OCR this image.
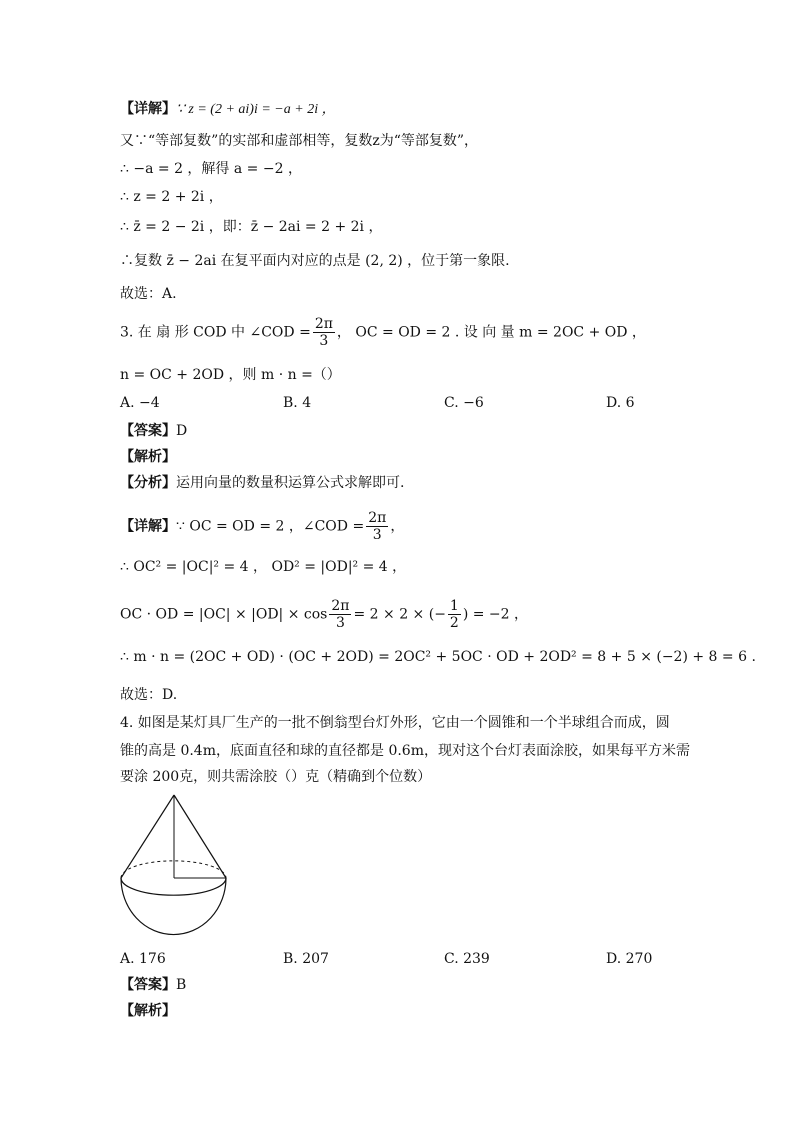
【详解】∵ z = (2 + ai)i = −a + 2i ，
又∵“等部复数”的实部和虚部相等，复数z为“等部复数”，
∴ −a = 2 ，解得 a = −2 ，
∴ z = 2 + 2i ，
∴ z̄ = 2 − 2i ，即：z̄ − 2ai = 2 + 2i ，
∴复数 z̄ − 2ai 在复平面内对应的点是 (2, 2) ，位于第一象限.
故选：A.
3. 在 扇 形 COD 中 ∠COD = $\frac{2\pi}{3}$ ， OC = OD = 2 . 设 向 量 m = 2OC + OD ，
n = OC + 2OD ，则 m · n =（）
A. −4	B. 4	C. −6	D. 6
【答案】D
【解析】
【分析】运用向量的数量积运算公式求解即可.
【详解】∵ OC = OD = 2 ，∠COD = $\frac{2\pi}{3}$ ，
∴ OC² = |OC|² = 4 ， OD² = |OD|² = 4 ，
OC · OD = $|OC| \times |OD| \times \cos \frac{2\pi}{3} = 2 \times 2$ × (− $\frac{1}{2}$ ) = −2 ，
∴ m · n = (2OC + OD) · (OC + 2OD) = 2OC² + 5OC · OD + 2OD² = 8 + 5 × (−2) + 8 = 6 .
故选：D.
4. 如图是某灯具厂生产的一批不倒翁型台灯外形，它由一个圆锥和一个半球组合而成，圆
锥的高是 0.4m，底面直径和球的直径都是 0.6m，现对这个台灯表面涂胶，如果每平方米需
要涂 200克，则共需涂胶（）克（精确到个位数）
A. 176	B. 207	C. 239	D. 270
【答案】B
【解析】
